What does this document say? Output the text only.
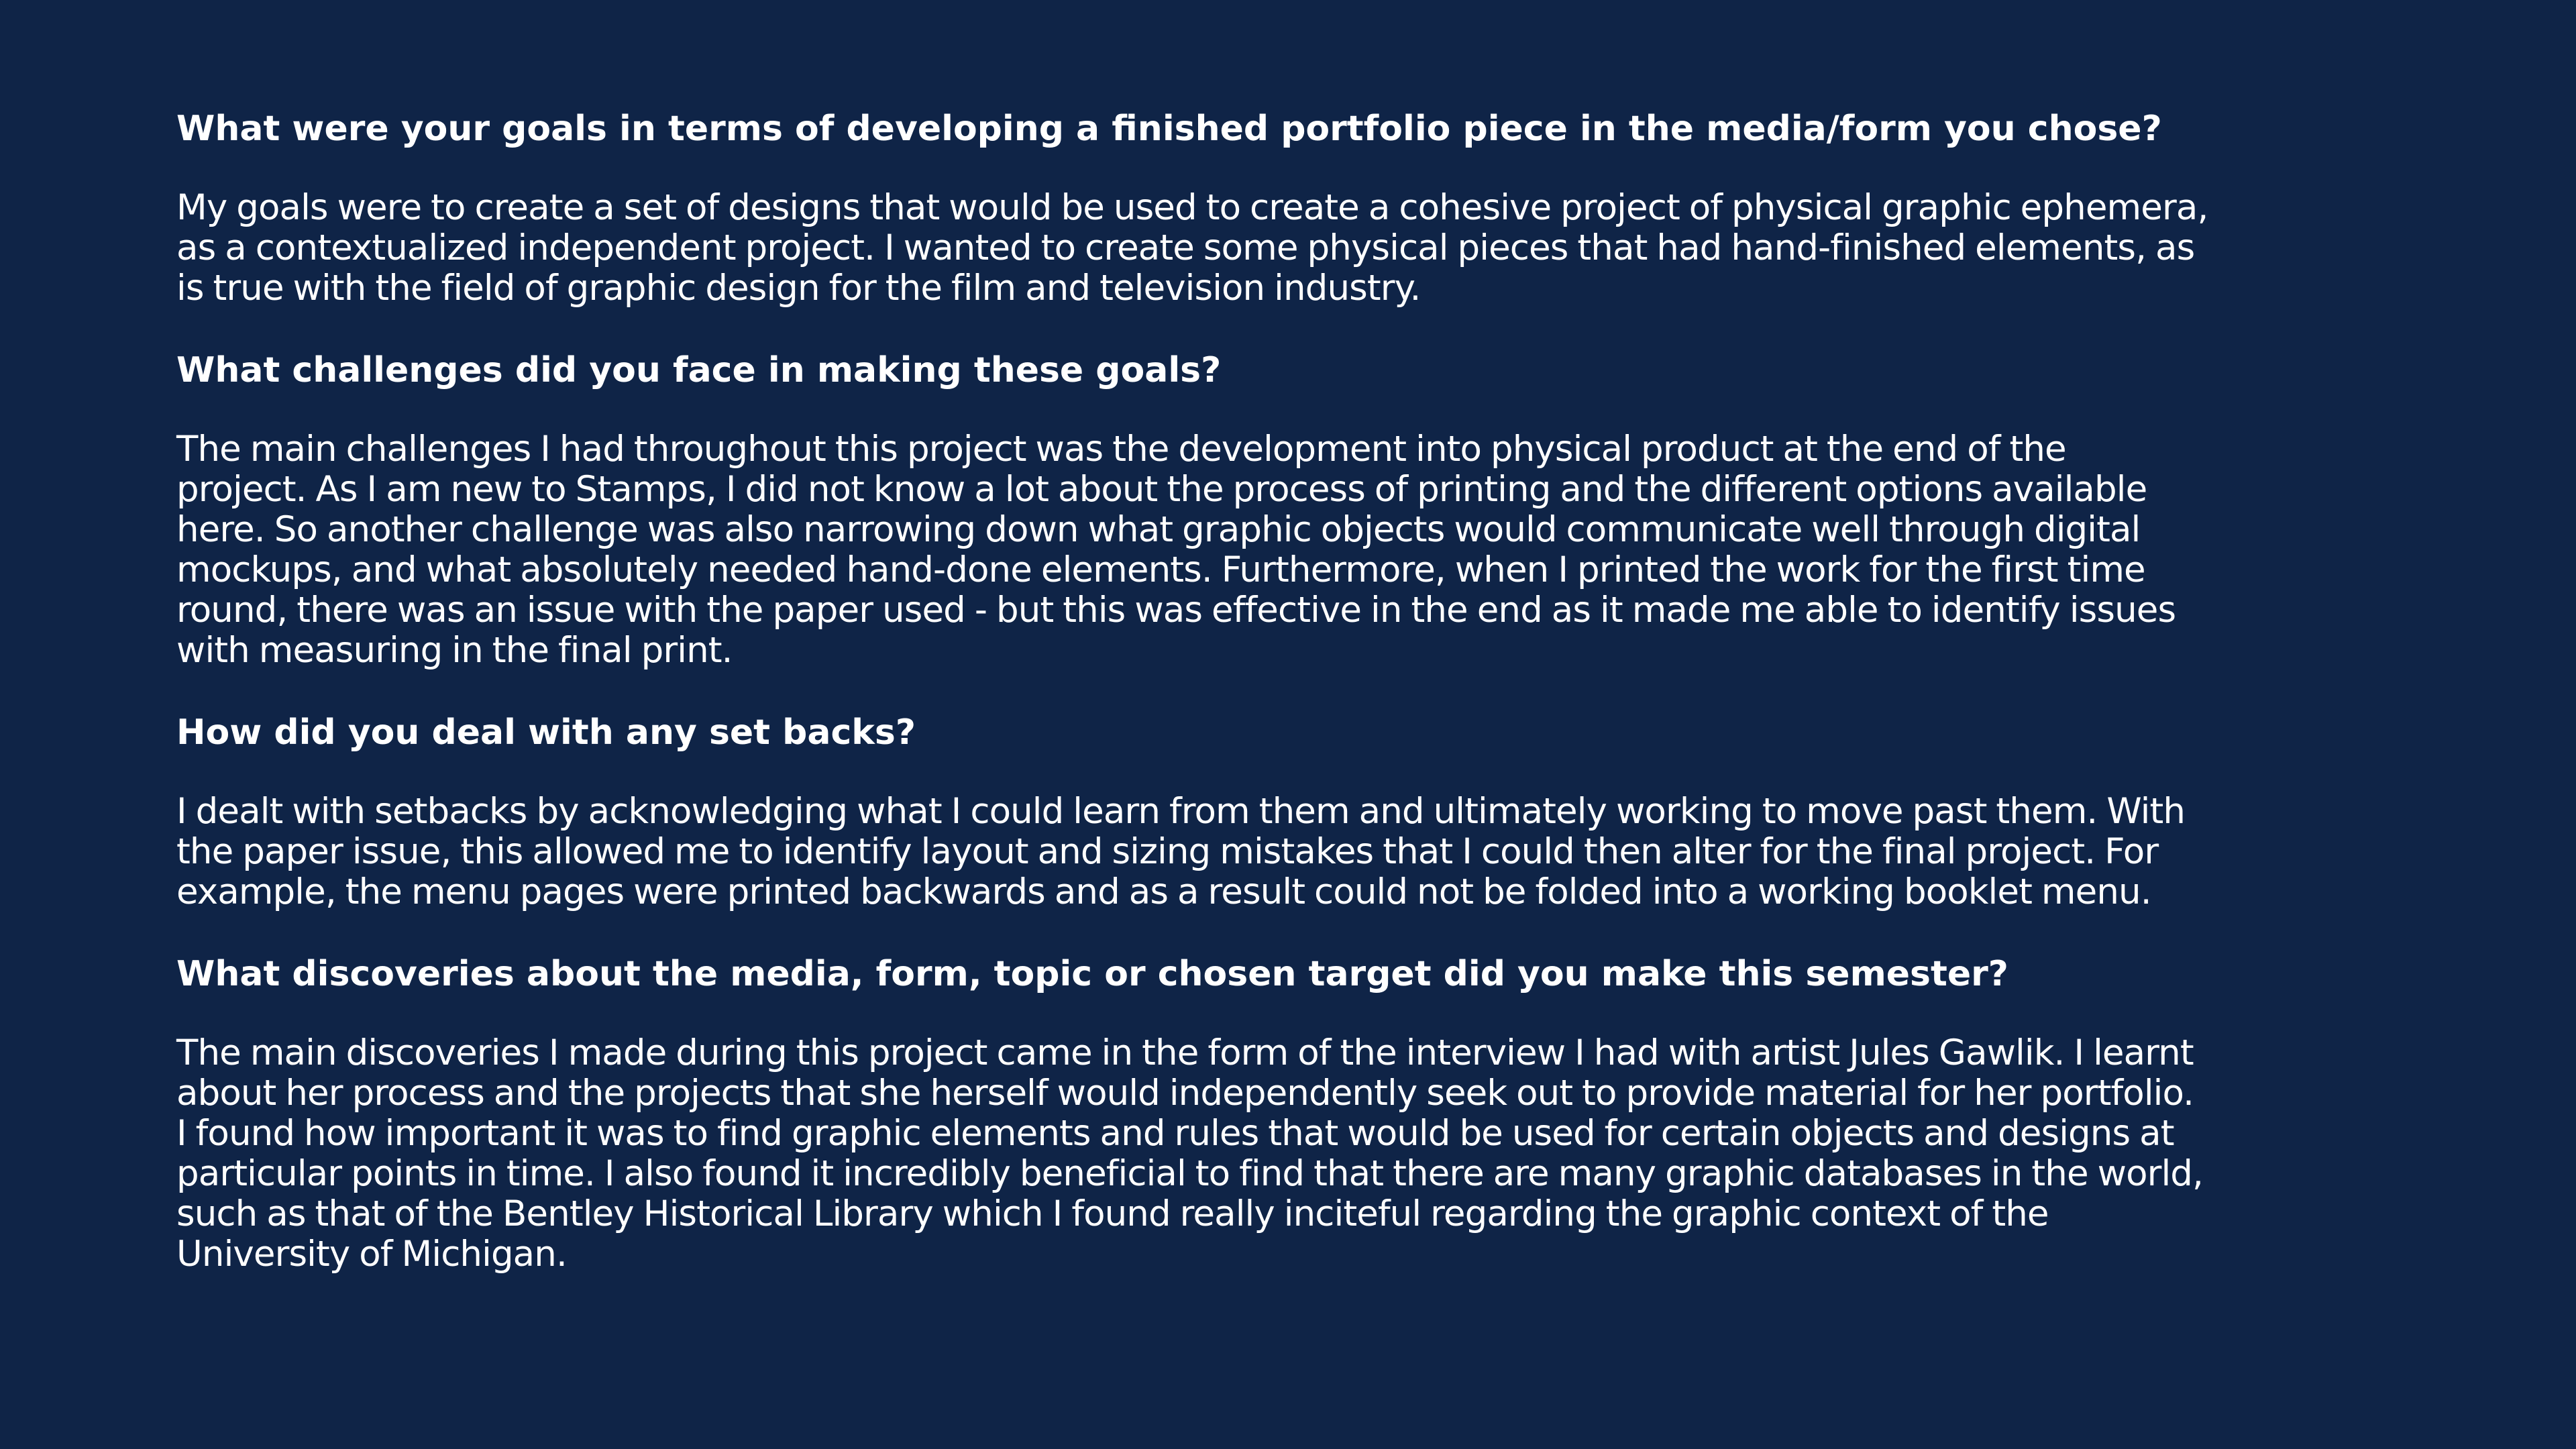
What were your goals in terms of developing a finished portfolio piece in the media/form you chose?

My goals were to create a set of designs that would be used to create a cohesive project of physical graphic ephemera,
as a contextualized independent project. I wanted to create some physical pieces that had hand-finished elements, as
is true with the field of graphic design for the film and television industry.

What challenges did you face in making these goals?

The main challenges I had throughout this project was the development into physical product at the end of the
project. As I am new to Stamps, I did not know a lot about the process of printing and the different options available
here. So another challenge was also narrowing down what graphic objects would communicate well through digital
mockups, and what absolutely needed hand-done elements. Furthermore, when I printed the work for the first time
round, there was an issue with the paper used - but this was effective in the end as it made me able to identify issues
with measuring in the final print.

How did you deal with any set backs?

I dealt with setbacks by acknowledging what I could learn from them and ultimately working to move past them. With
the paper issue, this allowed me to identify layout and sizing mistakes that I could then alter for the final project. For
example, the menu pages were printed backwards and as a result could not be folded into a working booklet menu.

What discoveries about the media, form, topic or chosen target did you make this semester?

The main discoveries I made during this project came in the form of the interview I had with artist Jules Gawlik. I learnt
about her process and the projects that she herself would independently seek out to provide material for her portfolio.
I found how important it was to find graphic elements and rules that would be used for certain objects and designs at
particular points in time. I also found it incredibly beneficial to find that there are many graphic databases in the world,
such as that of the Bentley Historical Library which I found really inciteful regarding the graphic context of the
University of Michigan.
